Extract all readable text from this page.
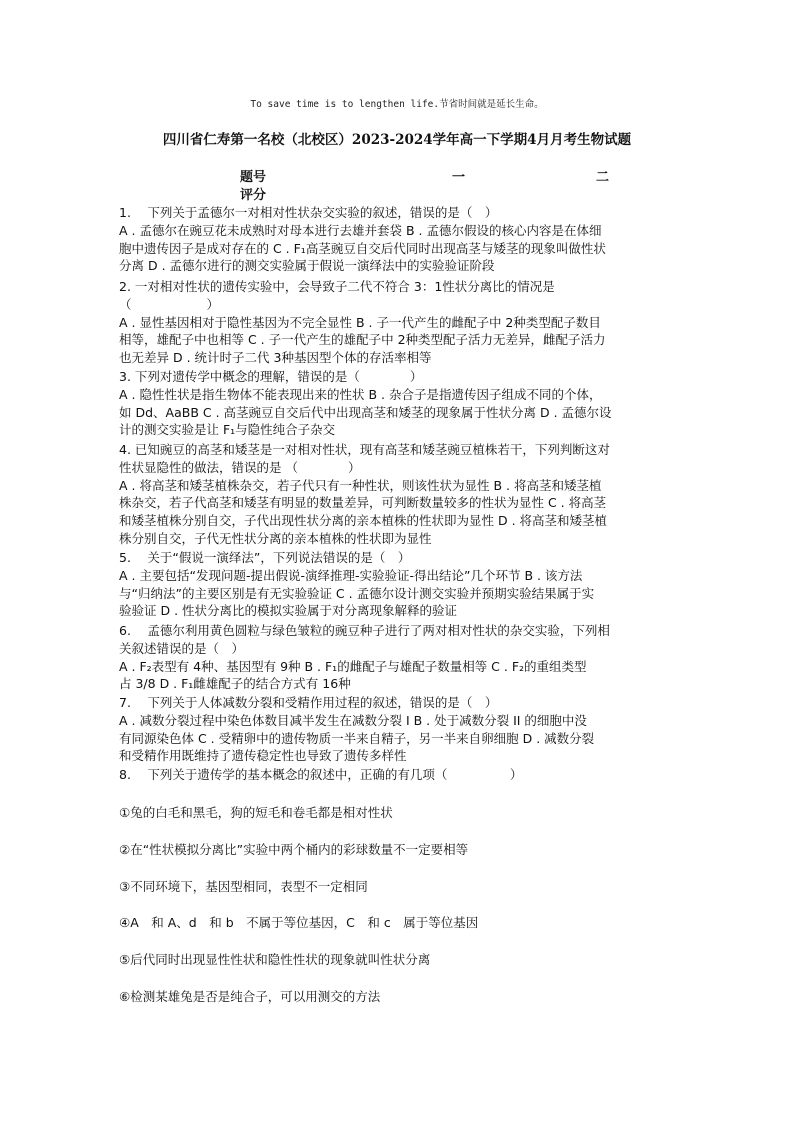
To save time is to lengthen life.节省时间就是延长生命。
四川省仁寿第一名校（北校区）2023-2024学年高一下学期4月月考生物试题
题号	一	二
评分

1.　 下列关于孟德尔一对相对性状杂交实验的叙述，错误的是（　）

A . 孟德尔在豌豆花未成熟时对母本进行去雄并套袋 B . 孟德尔假设的核心内容是在体细

胞中遗传因子是成对存在的 C . F₁高茎豌豆自交后代同时出现高茎与矮茎的现象叫做性状

分离 D . 孟德尔进行的测交实验属于假说一演绎法中的实验验证阶段

2. 一对相对性状的遗传实验中，会导致子二代不符合 3：1性状分离比的情况是

（　　　　　　）

A . 显性基因相对于隐性基因为不完全显性 B . 子一代产生的雌配子中 2种类型配子数目

相等，雄配子中也相等 C . 子一代产生的雄配子中 2种类型配子活力无差异，雌配子活力

也无差异 D . 统计时子二代 3种基因型个体的存活率相等

3. 下列对遗传学中概念的理解，错误的是（　　　　）

A . 隐性性状是指生物体不能表现出来的性状 B . 杂合子是指遗传因子组成不同的个体，

如 Dd、AaBB C . 高茎豌豆自交后代中出现高茎和矮茎的现象属于性状分离 D . 孟德尔设

计的测交实验是让 F₁与隐性纯合子杂交

4. 已知豌豆的高茎和矮茎是一对相对性状，现有高茎和矮茎豌豆植株若干，下列判断这对

性状显隐性的做法，错误的是 （　　　　）

A . 将高茎和矮茎植株杂交，若子代只有一种性状，则该性状为显性 B . 将高茎和矮茎植

株杂交，若子代高茎和矮茎有明显的数量差异，可判断数量较多的性状为显性 C . 将高茎

和矮茎植株分别自交，子代出现性状分离的亲本植株的性状即为显性 D . 将高茎和矮茎植

株分别自交，子代无性状分离的亲本植株的性状即为显性

5.　 关于“假说一演绎法”，下列说法错误的是（　）

A . 主要包括“发现问题-提出假说-演绎推理-实验验证-得出结论”几个环节 B . 该方法

与“归纳法”的主要区别是有无实验验证 C . 孟德尔设计测交实验并预期实验结果属于实

验验证 D . 性状分离比的模拟实验属于对分离现象解释的验证

6.　 孟德尔利用黄色圆粒与绿色皱粒的豌豆种子进行了两对相对性状的杂交实验，下列相

关叙述错误的是（　）

A . F₂表型有 4种、基因型有 9种 B . F₁的雌配子与雄配子数量相等 C . F₂的重组类型

占 3/8 D . F₁雌雄配子的结合方式有 16种

7.　 下列关于人体减数分裂和受精作用过程的叙述，错误的是（　）

A . 减数分裂过程中染色体数目减半发生在减数分裂 I B . 处于减数分裂 II 的细胞中没

有同源染色体 C . 受精卵中的遗传物质一半来自精子，另一半来自卵细胞 D . 减数分裂

和受精作用既维持了遗传稳定性也导致了遗传多样性

8.　 下列关于遗传学的基本概念的叙述中，正确的有几项（　　　　　）

①兔的白毛和黑毛，狗的短毛和卷毛都是相对性状

②在“性状模拟分离比”实验中两个桶内的彩球数量不一定要相等

③不同环境下，基因型相同，表型不一定相同

④A　和 A、d　和 b　不属于等位基因，C　和 c　属于等位基因

⑤后代同时出现显性性状和隐性性状的现象就叫性状分离

⑥检测某雄兔是否是纯合子，可以用测交的方法
